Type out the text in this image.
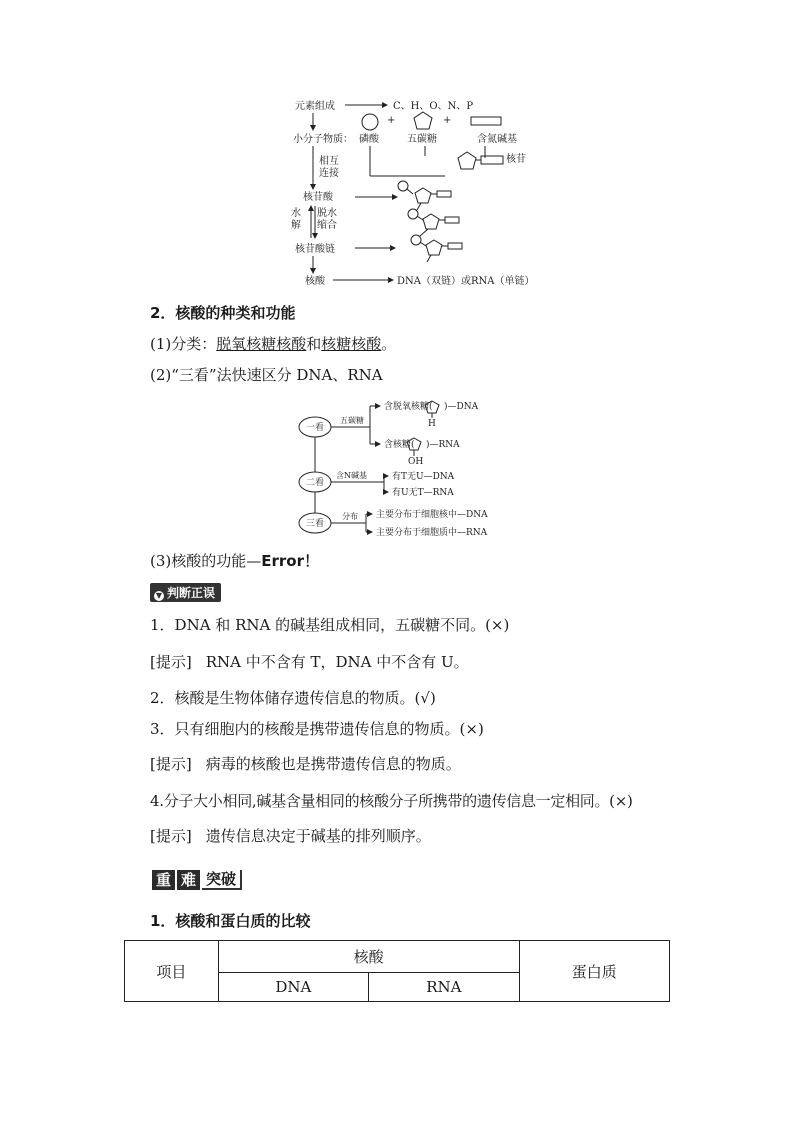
元素组成	C、H、O、N、P
小分子物质： 磷酸	五碳糖	含氮碱基
+	+
核苷
相互
连接
核苷酸
水
解
脱水
缩合
核苷酸链
核酸	DNA（双链）或RNA（单链）
2．核酸的种类和功能
(1)分类：脱氧核糖核酸和核糖核酸。
(2)“三看”法快速区分 DNA、RNA
一看
二看
三看
五碳糖
含N碱基
分布
含脱氧核糖( )—DNA
H
含核糖( )—RNA
OH
有T无U—DNA
有U无T—RNA
主要分布于细胞核中—DNA
主要分布于细胞质中—RNA
(3)核酸的功能—Error！
▼ 判断正误
1．DNA 和 RNA 的碱基组成相同，五碳糖不同。(×)
[提示] RNA 中不含有 T，DNA 中不含有 U。
2．核酸是生物体储存遗传信息的物质。(√)
3．只有细胞内的核酸是携带遗传信息的物质。(×)
[提示] 病毒的核酸也是携带遗传信息的物质。
4.分子大小相同,碱基含量相同的核酸分子所携带的遗传信息一定相同。(×)
[提示] 遗传信息决定于碱基的排列顺序。
重 难 突破
1．核酸和蛋白质的比较
项目	核酸		蛋白质
	DNA	RNA	
